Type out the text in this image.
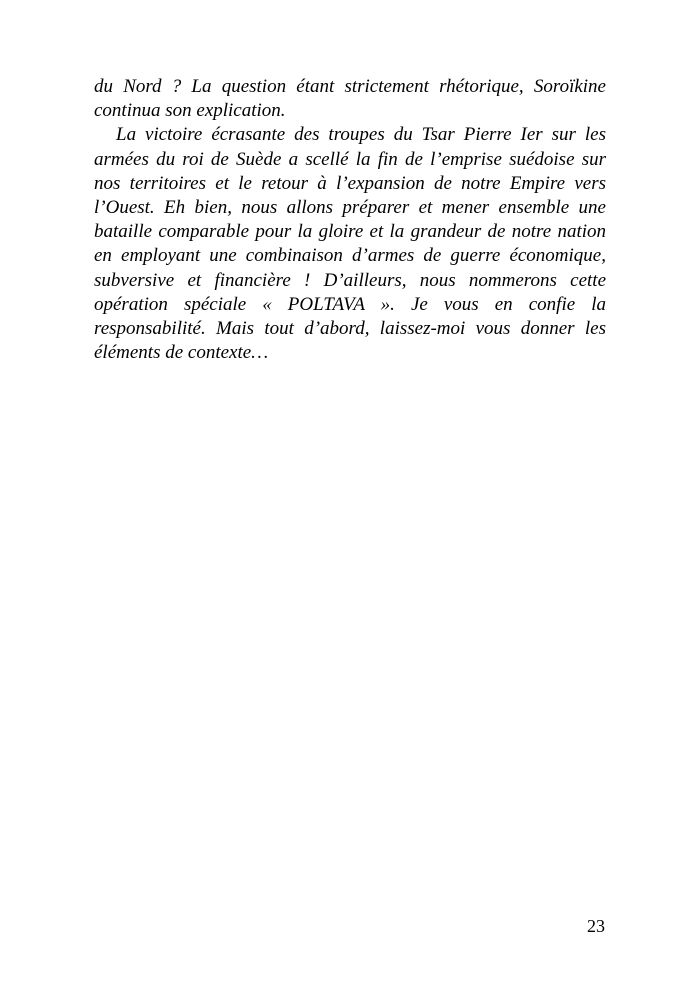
du Nord ? La question étant strictement rhétorique, Soroïkine continua son explication.

La victoire écrasante des troupes du Tsar Pierre Ier sur les armées du roi de Suède a scellé la fin de l’emprise suédoise sur nos territoires et le retour à l’expansion de notre Empire vers l’Ouest. Eh bien, nous allons préparer et mener ensemble une bataille comparable pour la gloire et la grandeur de notre nation en employant une combinaison d’armes de guerre économique, subversive et financière ! D’ailleurs, nous nommerons cette opération spéciale « POLTAVA ». Je vous en confie la responsabilité. Mais tout d’abord, laissez-moi vous donner les éléments de contexte…

23
